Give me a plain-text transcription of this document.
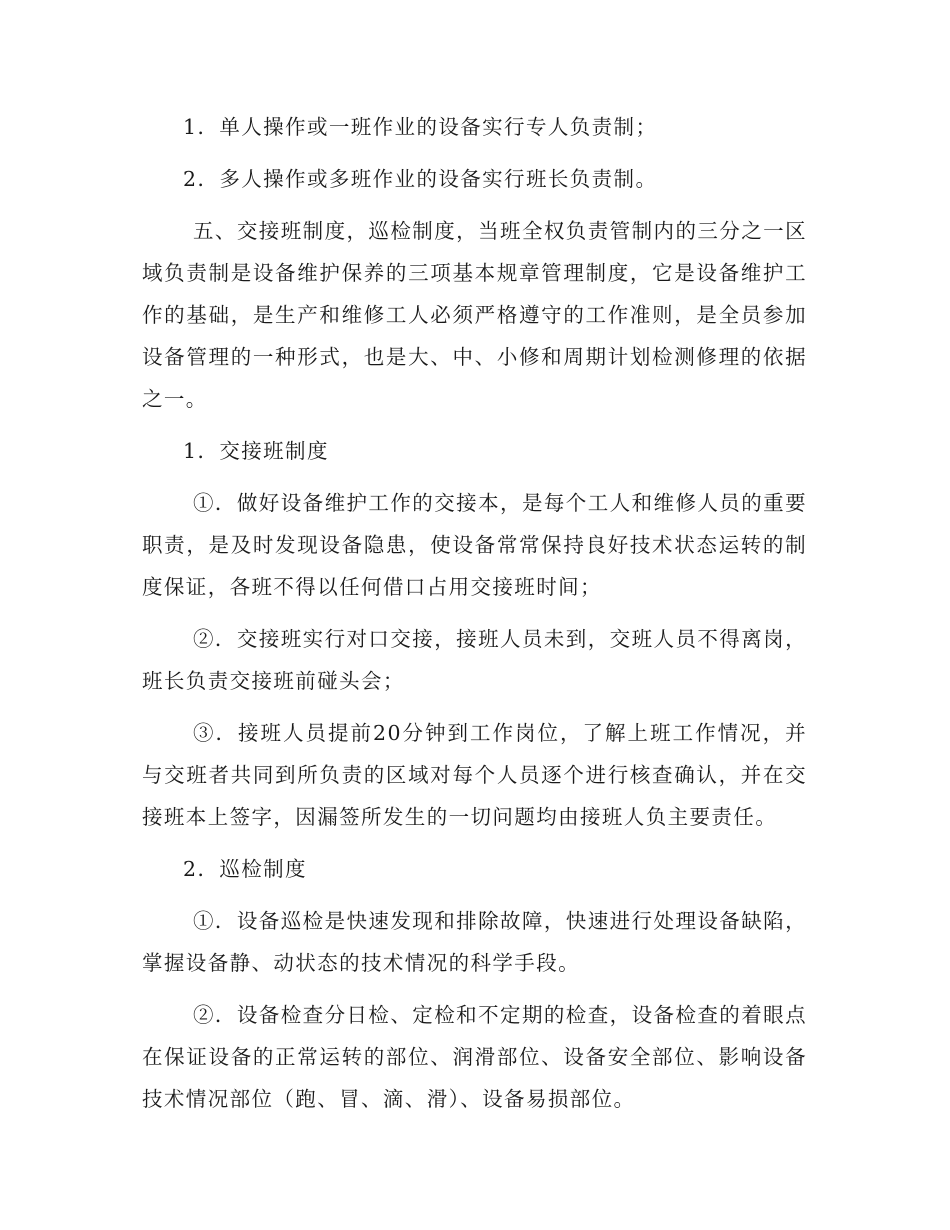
1．单人操作或一班作业的设备实行专人负责制；

2．多人操作或多班作业的设备实行班长负责制。

五、交接班制度，巡检制度，当班全权负责管制内的三分之一区域负责制是设备维护保养的三项基本规章管理制度，它是设备维护工作的基础，是生产和维修工人必须严格遵守的工作准则，是全员参加设备管理的一种形式，也是大、中、小修和周期计划检测修理的依据之一。

1．交接班制度

①．做好设备维护工作的交接本，是每个工人和维修人员的重要职责，是及时发现设备隐患，使设备常常保持良好技术状态运转的制度保证，各班不得以任何借口占用交接班时间；

②．交接班实行对口交接，接班人员未到，交班人员不得离岗，班长负责交接班前碰头会；

③．接班人员提前20分钟到工作岗位，了解上班工作情况，并与交班者共同到所负责的区域对每个人员逐个进行核查确认，并在交接班本上签字，因漏签所发生的一切问题均由接班人负主要责任。

2．巡检制度

①．设备巡检是快速发现和排除故障，快速进行处理设备缺陷，掌握设备静、动状态的技术情况的科学手段。

②．设备检查分日检、定检和不定期的检查，设备检查的着眼点在保证设备的正常运转的部位、润滑部位、设备安全部位、影响设备技术情况部位（跑、冒、滴、滑）、设备易损部位。
